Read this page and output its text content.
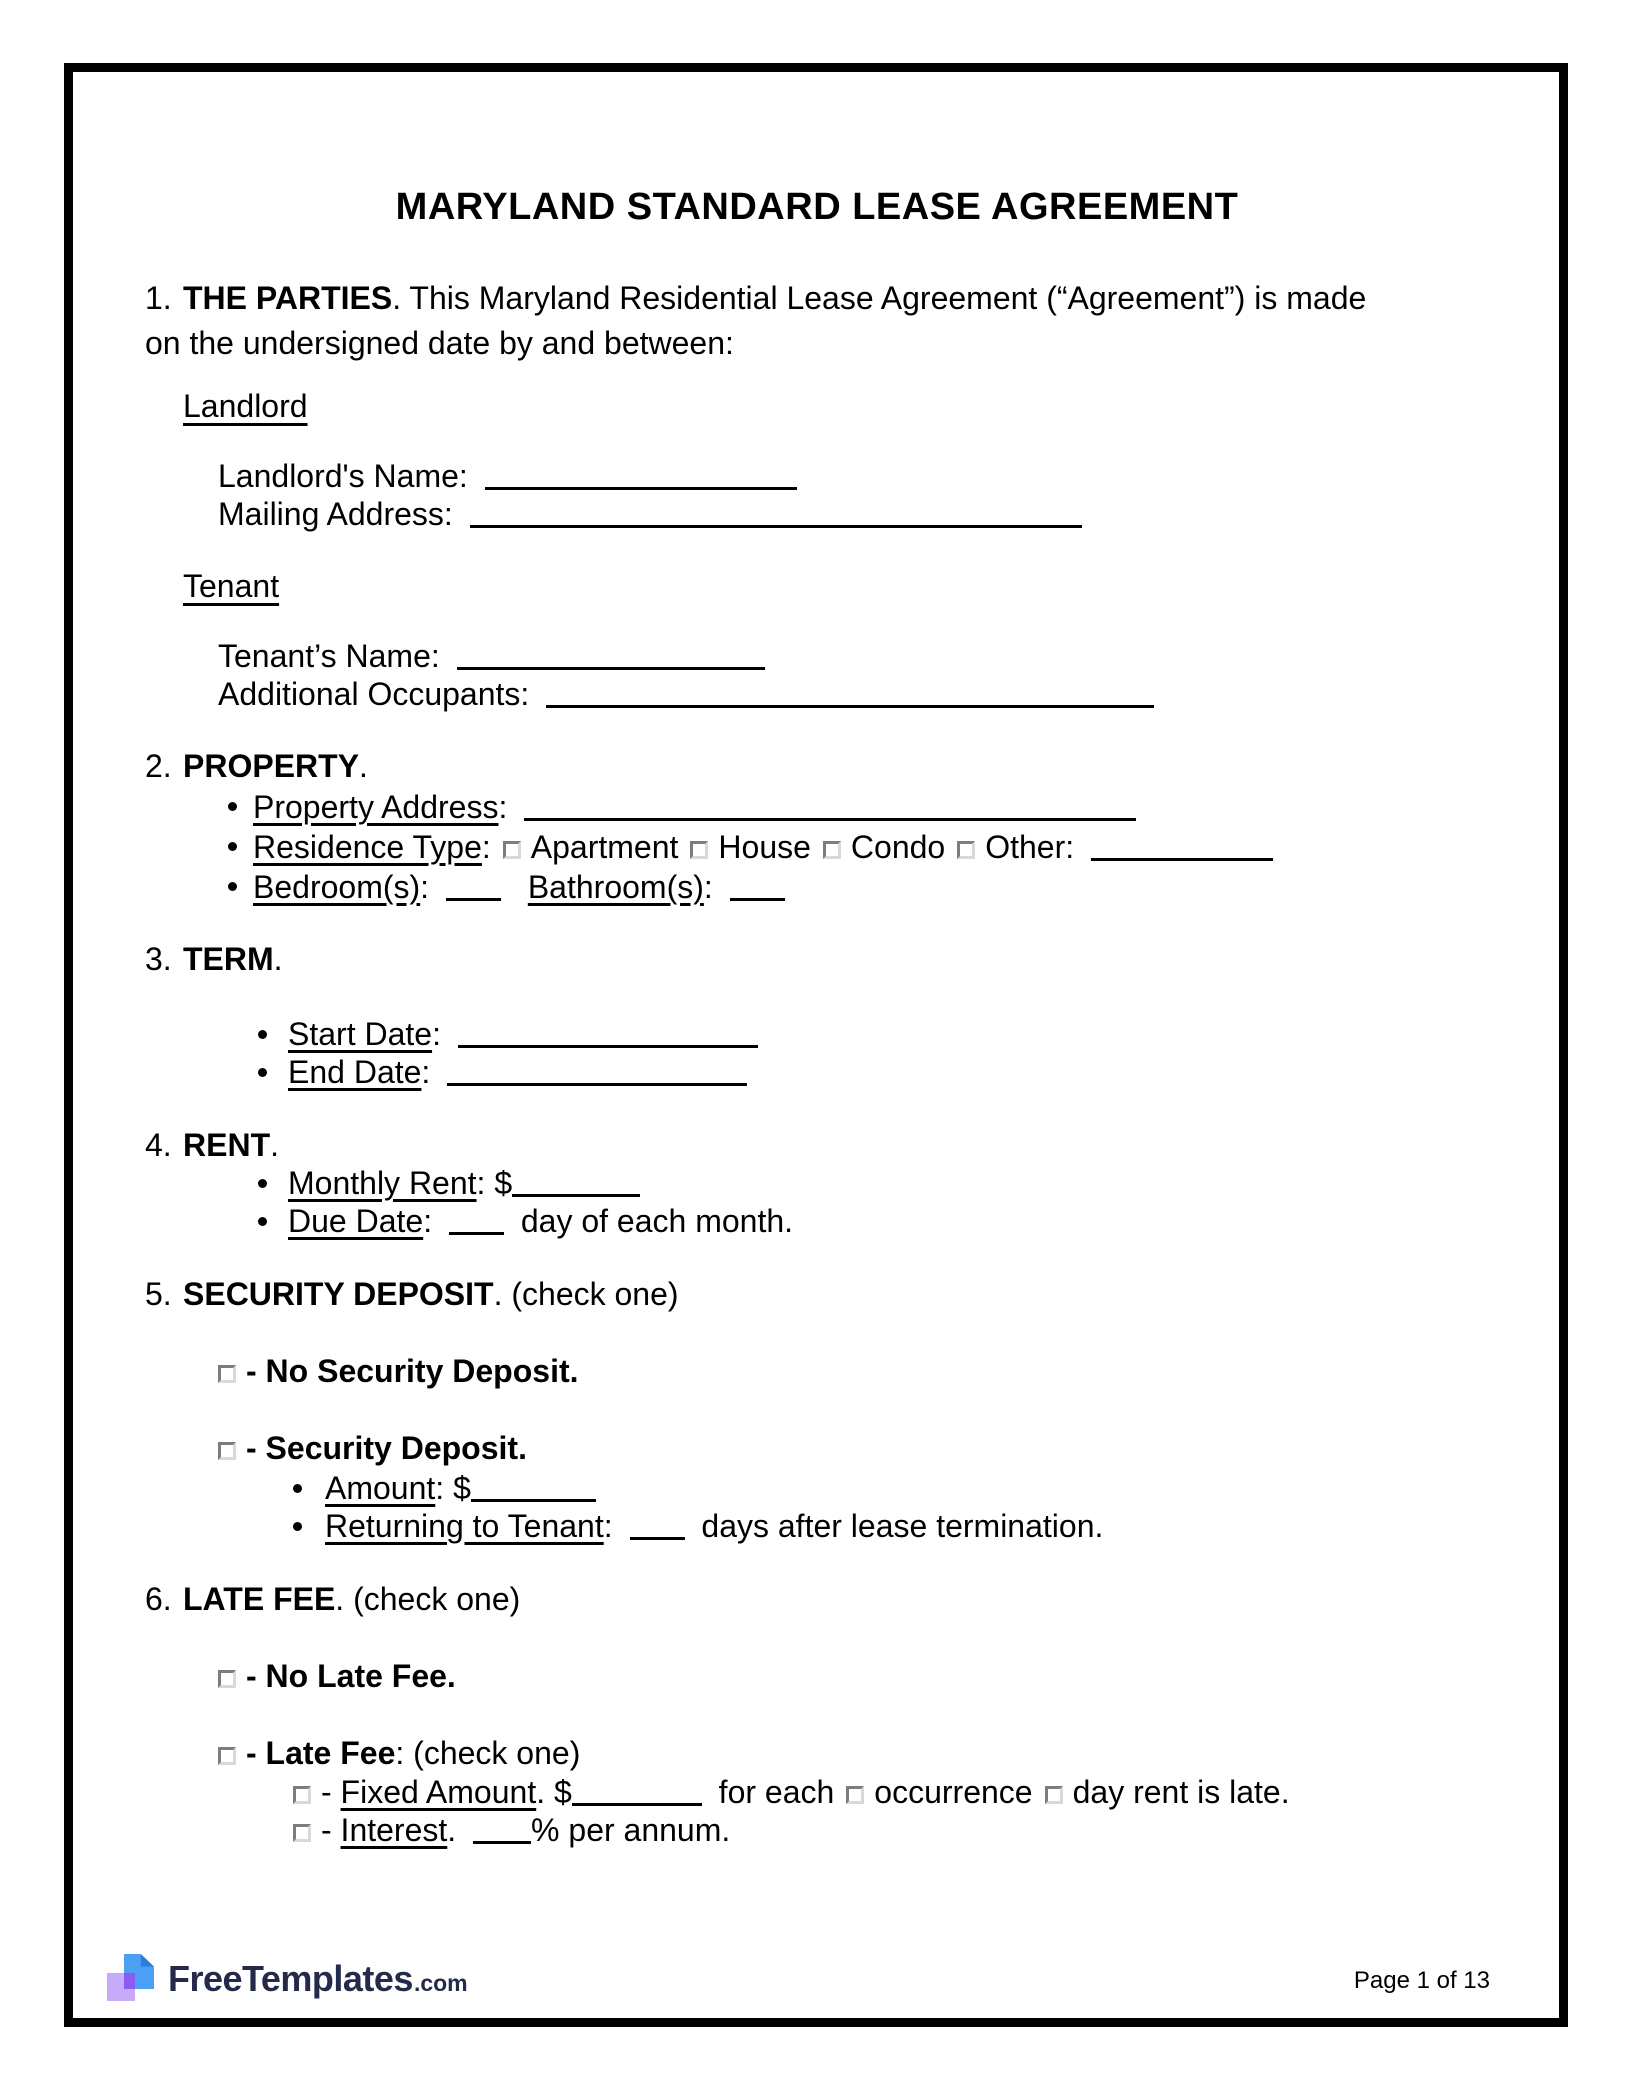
MARYLAND STANDARD LEASE AGREEMENT

1. THE PARTIES. This Maryland Residential Lease Agreement (“Agreement”) is made
on the undersigned date by and between:

Landlord
Landlord's Name:
Mailing Address:
Tenant
Tenant’s Name:
Additional Occupants:
2. PROPERTY.
Property Address:
Residence Type: Apartment House Condo Other:
Bedroom(s):	Bathroom(s):
3. TERM.
Start Date:
End Date:
4. RENT.
Monthly Rent: $
Due Date:	day of each month.
5. SECURITY DEPOSIT. (check one)
- No Security Deposit.
- Security Deposit.
Amount: $
Returning to Tenant:	days after lease termination.
6. LATE FEE. (check one)
- No Late Fee.
- Late Fee: (check one)
- Fixed Amount. $	for each occurrence day rent is late.
- Interest. % per annum.
FreeTemplates.com	Page 1 of 13
